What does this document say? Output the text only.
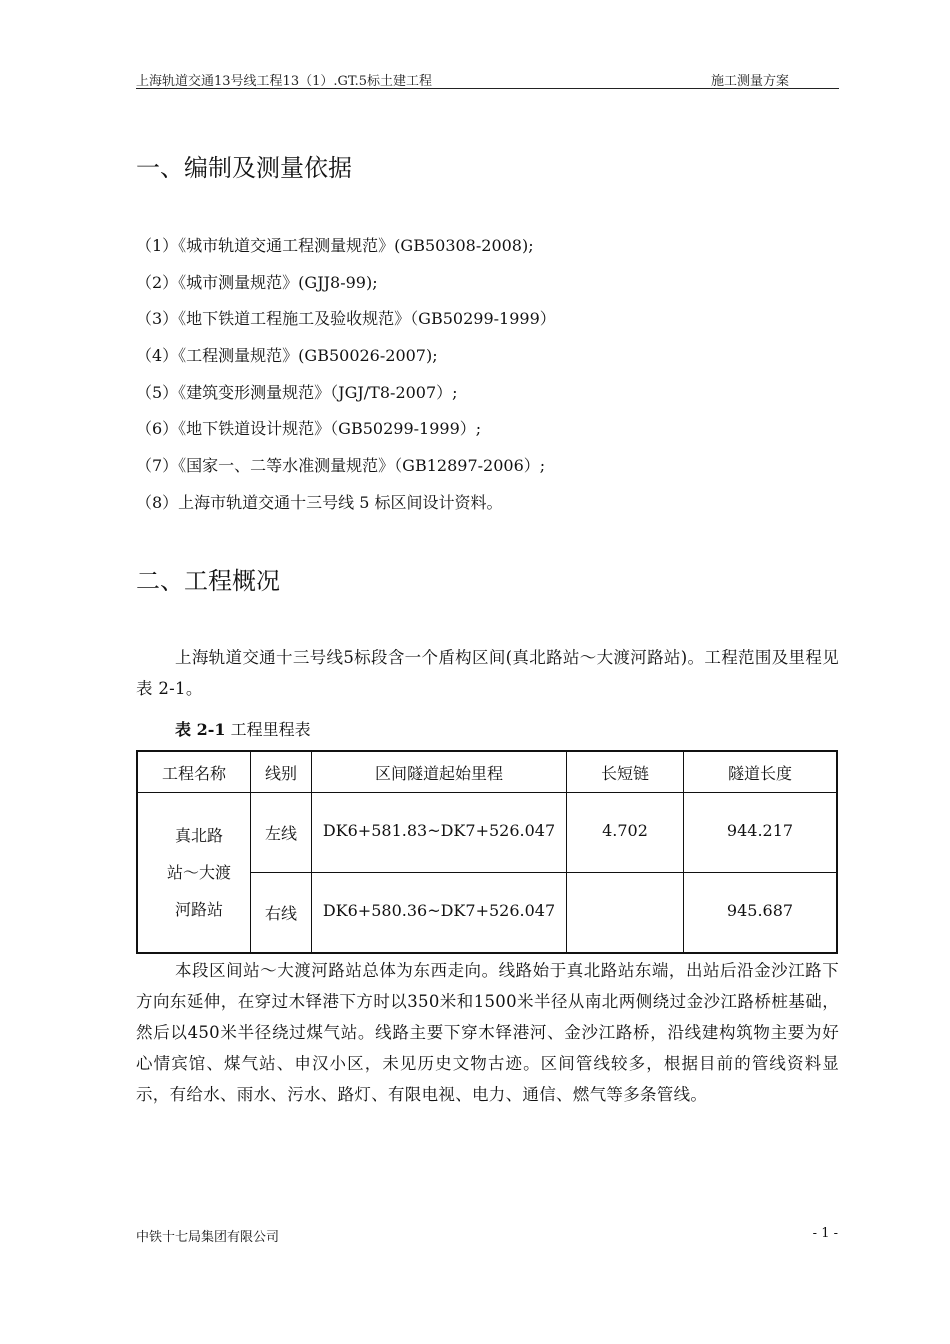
上海轨道交通13号线工程13（1）.GT.5标土建工程	施工测量方案
一、编制及测量依据
（1）《城市轨道交通工程测量规范》(GB50308-2008);
（2）《城市测量规范》(GJJ8-99);
（3）《地下铁道工程施工及验收规范》（GB50299-1999）
（4）《工程测量规范》(GB50026-2007);
（5）《建筑变形测量规范》（JGJ/T8-2007）;
（6）《地下铁道设计规范》（GB50299-1999）;
（7）《国家一、二等水准测量规范》（GB12897-2006）;
（8）上海市轨道交通十三号线 5 标区间设计资料。
二、工程概况

上海轨道交通十三号线5标段含一个盾构区间(真北路站～大渡河路站)。工程范围及里程见表 2-1。

表 2-1 工程里程表
工程名称	线别	区间隧道起始里程	长短链	隧道长度

真北路
站～大渡
河路站	左线	DK6+581.83~DK7+526.047	4.702	944.217
	右线	DK6+580.36~DK7+526.047		945.687

本段区间站～大渡河路站总体为东西走向。线路始于真北路站东端，出站后沿金沙江路下方向东延伸，在穿过木铎港下方时以350米和1500米半径从南北两侧绕过金沙江路桥桩基础，然后以450米半径绕过煤气站。线路主要下穿木铎港河、金沙江路桥，沿线建构筑物主要为好心情宾馆、煤气站、申汉小区，未见历史文物古迹。区间管线较多，根据目前的管线资料显示，有给水、雨水、污水、路灯、有限电视、电力、通信、燃气等多条管线。

中铁十七局集团有限公司	- 1 -
